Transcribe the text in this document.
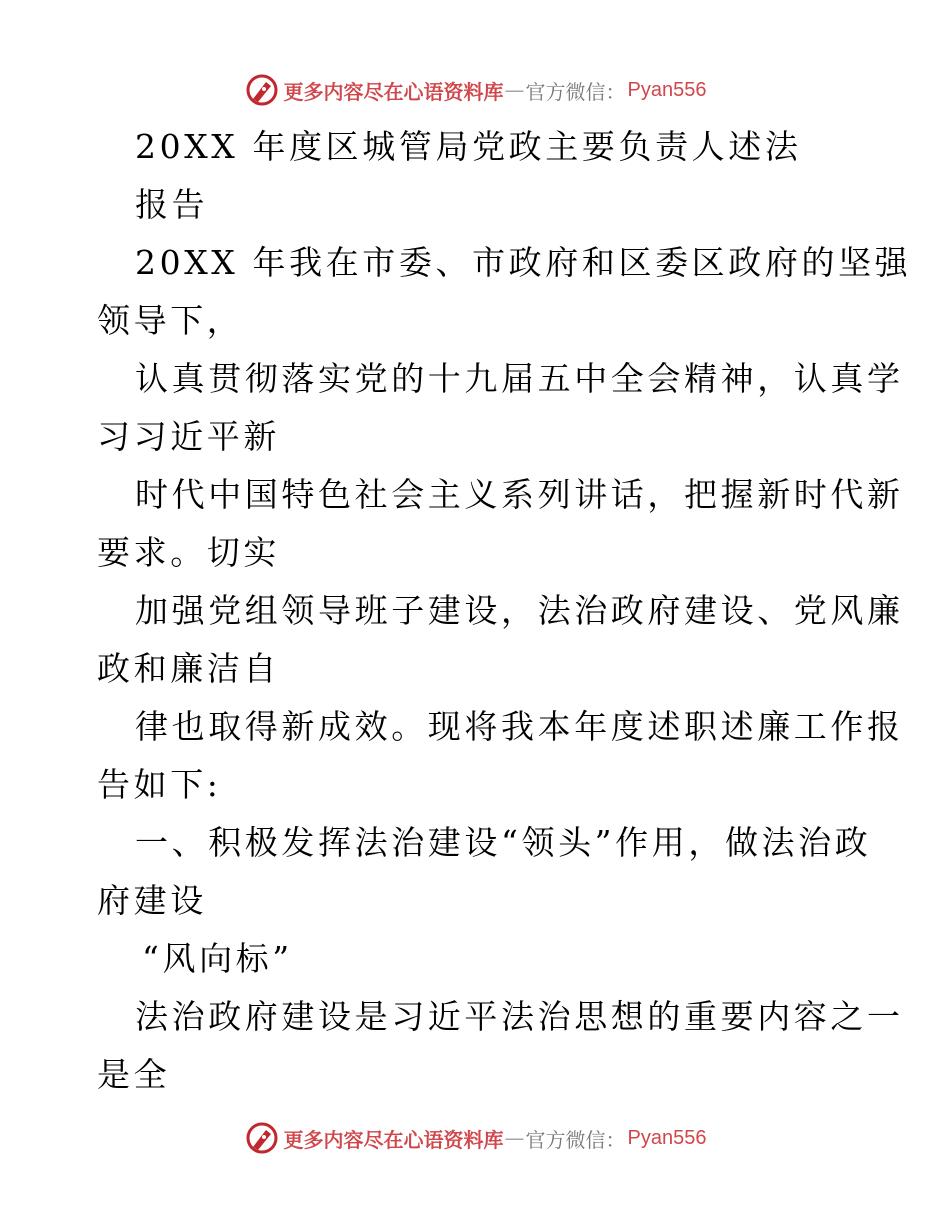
更多内容尽在心语资料库 — 官方微信： Pyan556
20XX 年度区城管局党政主要负责人述法
报告
20XX 年我在市委、市政府和区委区政府的坚强
领导下，
认真贯彻落实党的十九届五中全会精神，认真学
习习近平新
时代中国特色社会主义系列讲话，把握新时代新
要求。切实
加强党组领导班子建设，法治政府建设、党风廉
政和廉洁自
律也取得新成效。现将我本年度述职述廉工作报
告如下:
一、积极发挥法治建设“领头”作用，做法治政
府建设
“风向标”
法治政府建设是习近平法治思想的重要内容之一
是全
更多内容尽在心语资料库 — 官方微信： Pyan556
